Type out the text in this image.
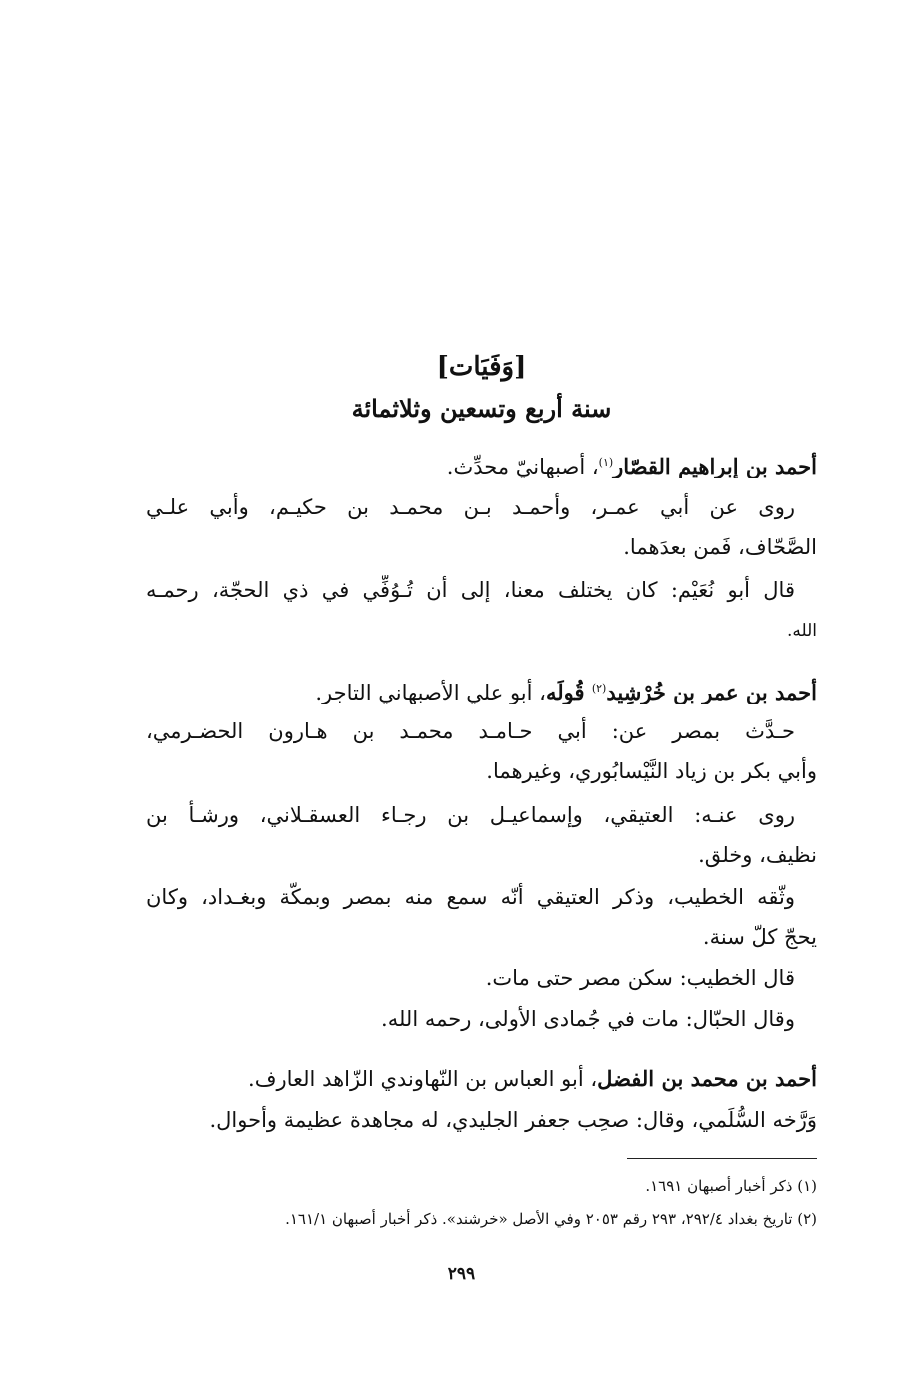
[وَفَيَات]
سنة أربع وتسعين وثلاثمائة
أحمد بن إبراهيم القصّار$^{(١)}$، أصبهانيّ محدِّث.
روى عن أبي عمـر، وأحمـد بـن محمـد بن حكيـم، وأبي علـي
الصَّحّاف، فَمن بعدَهما.
قال أبو نُعَيْم: كان يختلف معنا، إلى أن تُـوُفِّي في ذي الحجّة، رحمـه
الله.
أحمد بن عمر بن خُرْشِيد$^{(٢)}$ قُولَه، أبو علي الأصبهاني التاجر.
حـدَّث بمصر عن: أبي حـامـد محمـد بن هـارون الحضـرمي،
وأبي بكر بن زياد النَّيْسابُوري، وغيرهما.
روى عنـه: العتيقي، وإسماعيـل بن رجـاء العسقـلاني، ورشـأ بن
نظيف، وخلق.
وثّقه الخطيب، وذكر العتيقي أنّه سمع منه بمصر وبمكّة وبغـداد، وكان
يحجّ كلّ سنة.
قال الخطيب: سكن مصر حتى مات.
وقال الحبّال: مات في جُمادى الأولى، رحمه الله.
أحمد بن محمد بن الفضل، أبو العباس بن النّهاوندي الزّاهد العارف.
وَرَّخه السُّلَمي، وقال: صحِب جعفر الجليدي، له مجاهدة عظيمة وأحوال.
(١) ذكر أخبار أصبهان ١٦٩١.
(٢) تاريخ بغداد ٢٩٢/٤، ٢٩٣ رقم ٢٠٥٣ وفي الأصل «خرشند». ذكر أخبار أصبهان ١٦١/١.
٢٩٩
